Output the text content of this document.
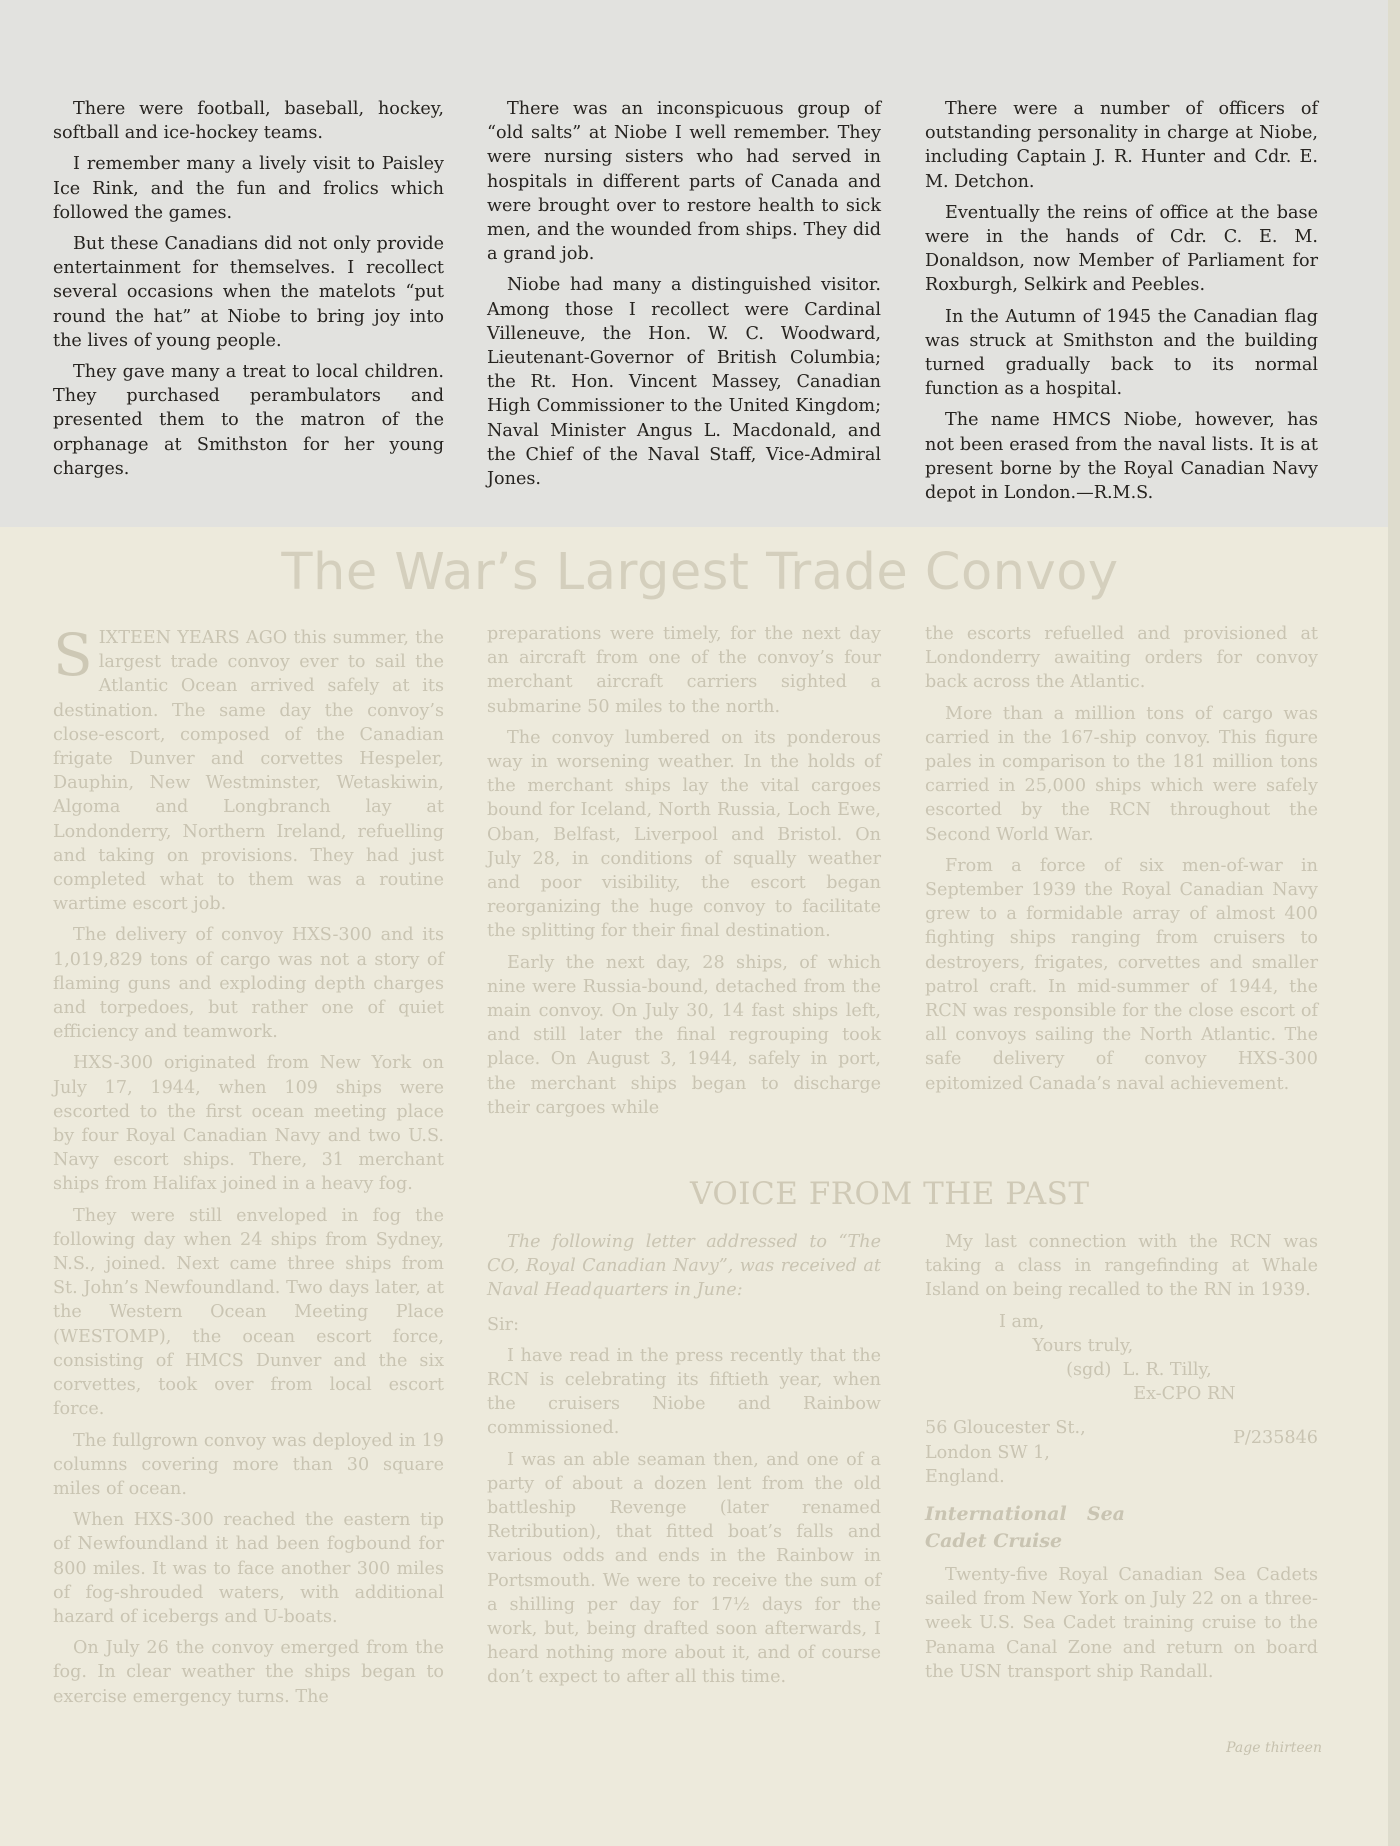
There were football, baseball, hockey, softball and ice-hockey teams.

I remember many a lively visit to Paisley Ice Rink, and the fun and frolics which followed the games.

But these Canadians did not only provide entertainment for themselves. I recollect several occasions when the matelots “put round the hat” at Niobe to bring joy into the lives of young people.

They gave many a treat to local children. They purchased perambulators and presented them to the matron of the orphanage at Smithston for her young charges.

There was an inconspicuous group of “old salts” at Niobe I well remember. They were nursing sisters who had served in hospitals in different parts of Canada and were brought over to restore health to sick men, and the wounded from ships. They did a grand job.

Niobe had many a distinguished visitor. Among those I recollect were Cardinal Villeneuve, the Hon. W. C. Woodward, Lieutenant-Governor of British Columbia; the Rt. Hon. Vincent Massey, Canadian High Commissioner to the United Kingdom; Naval Minister Angus L. Macdonald, and the Chief of the Naval Staff, Vice-Admiral Jones.

There were a number of officers of outstanding personality in charge at Niobe, including Captain J. R. Hunter and Cdr. E. M. Detchon.

Eventually the reins of office at the base were in the hands of Cdr. C. E. M. Donaldson, now Member of Parliament for Roxburgh, Selkirk and Peebles.

In the Autumn of 1945 the Canadian flag was struck at Smithston and the building turned gradually back to its normal function as a hospital.

The name HMCS Niobe, however, has not been erased from the naval lists. It is at present borne by the Royal Canadian Navy depot in London.—R.M.S.

The War’s Largest Trade Convoy

SIXTEEN YEARS AGO this summer, the largest trade convoy ever to sail the Atlantic Ocean arrived safely at its destination. The same day the convoy’s close-escort, composed of the Canadian frigate Dunver and corvettes Hespeler, Dauphin, New Westminster, Wetaskiwin, Algoma and Longbranch lay at Londonderry, Northern Ireland, refuelling and taking on provisions. They had just completed what to them was a routine wartime escort job.

The delivery of convoy HXS-300 and its 1,019,829 tons of cargo was not a story of flaming guns and exploding depth charges and torpedoes, but rather one of quiet efficiency and teamwork.

HXS-300 originated from New York on July 17, 1944, when 109 ships were escorted to the first ocean meeting place by four Royal Canadian Navy and two U.S. Navy escort ships. There, 31 merchant ships from Halifax joined in a heavy fog.

They were still enveloped in fog the following day when 24 ships from Sydney, N.S., joined. Next came three ships from St. John’s Newfoundland. Two days later, at the Western Ocean Meeting Place (WESTOMP), the ocean escort force, consisting of HMCS Dunver and the six corvettes, took over from local escort force.

The fullgrown convoy was deployed in 19 columns covering more than 30 square miles of ocean.

When HXS-300 reached the eastern tip of Newfoundland it had been fogbound for 800 miles. It was to face another 300 miles of fog-shrouded waters, with additional hazard of icebergs and U-boats.

On July 26 the convoy emerged from the fog. In clear weather the ships began to exercise emergency turns. The

preparations were timely, for the next day an aircraft from one of the convoy’s four merchant aircraft carriers sighted a submarine 50 miles to the north.

The convoy lumbered on its ponderous way in worsening weather. In the holds of the merchant ships lay the vital cargoes bound for Iceland, North Russia, Loch Ewe, Oban, Belfast, Liverpool and Bristol. On July 28, in conditions of squally weather and poor visibility, the escort began reorganizing the huge convoy to facilitate the splitting for their final destination.

Early the next day, 28 ships, of which nine were Russia-bound, detached from the main convoy. On July 30, 14 fast ships left, and still later the final regrouping took place. On August 3, 1944, safely in port, the merchant ships began to discharge their cargoes while

the escorts refuelled and provisioned at Londonderry awaiting orders for convoy back across the Atlantic.

More than a million tons of cargo was carried in the 167-ship convoy. This figure pales in comparison to the 181 million tons carried in 25,000 ships which were safely escorted by the RCN throughout the Second World War.

From a force of six men-of-war in September 1939 the Royal Canadian Navy grew to a formidable array of almost 400 fighting ships ranging from cruisers to destroyers, frigates, corvettes and smaller patrol craft. In mid-summer of 1944, the RCN was responsible for the close escort of all convoys sailing the North Atlantic. The safe delivery of convoy HXS-300 epitomized Canada’s naval achievement.

VOICE FROM THE PAST

The following letter addressed to “The CO, Royal Canadian Navy”, was received at Naval Headquarters in June:

Sir:

I have read in the press recently that the RCN is celebrating its fiftieth year, when the cruisers Niobe and Rainbow commissioned.

I was an able seaman then, and one of a party of about a dozen lent from the old battleship Revenge (later renamed Retribution), that fitted boat’s falls and various odds and ends in the Rainbow in Portsmouth. We were to receive the sum of a shilling per day for 17½ days for the work, but, being drafted soon afterwards, I heard nothing more about it, and of course don’t expect to after all this time.

My last connection with the RCN was taking a class in rangefinding at Whale Island on being recalled to the RN in 1939.

I am,
Yours truly,
(sgd)  L. R. Tilly,
Ex-CPO RN
56 Gloucester St.,
London SW 1,
England.
P/235846
International Sea Cadet Cruise

Twenty-five Royal Canadian Sea Cadets sailed from New York on July 22 on a three-week U.S. Sea Cadet training cruise to the Panama Canal Zone and return on board the USN transport ship Randall.

Page thirteen
